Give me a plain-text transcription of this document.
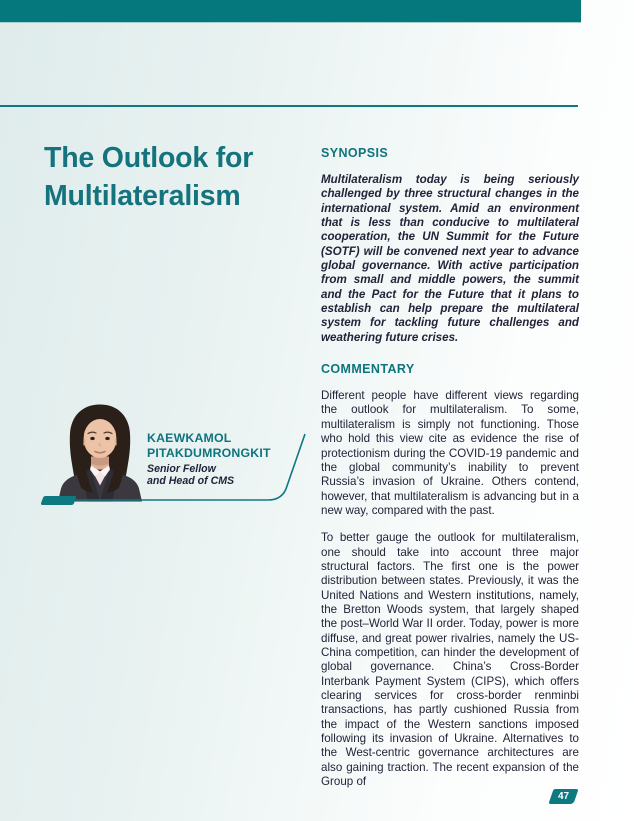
The Outlook for
Multilateralism
KAEWKAMOL
PITAKDUMRONGKIT
Senior Fellow
and Head of CMS
SYNOPSIS

Multilateralism today is being seriously challenged by three structural changes in the international system. Amid an environment that is less than conducive to multilateral cooperation, the UN Summit for the Future (SOTF) will be convened next year to advance global governance. With active participation from small and middle powers, the summit and the Pact for the Future that it plans to establish can help prepare the multilateral system for tackling future challenges and weathering future crises.

COMMENTARY

Different people have different views regarding the outlook for multilateralism. To some, multilateralism is simply not functioning. Those who hold this view cite as evidence the rise of protectionism during the COVID-19 pandemic and the global community’s inability to prevent Russia’s invasion of Ukraine. Others contend, however, that multilateralism is advancing but in a new way, compared with the past.

To better gauge the outlook for multilateralism, one should take into account three major structural factors. The first one is the power distribution between states. Previously, it was the United Nations and Western institutions, namely, the Bretton Woods system, that largely shaped the post–World War II order. Today, power is more diffuse, and great power rivalries, namely the US-China competition, can hinder the development of global governance. China’s Cross-Border Interbank Payment System (CIPS), which offers clearing services for cross-border renminbi transactions, has partly cushioned Russia from the impact of the Western sanctions imposed following its invasion of Ukraine. Alternatives to the West-centric governance architectures are also gaining traction. The recent expansion of the Group of

47
